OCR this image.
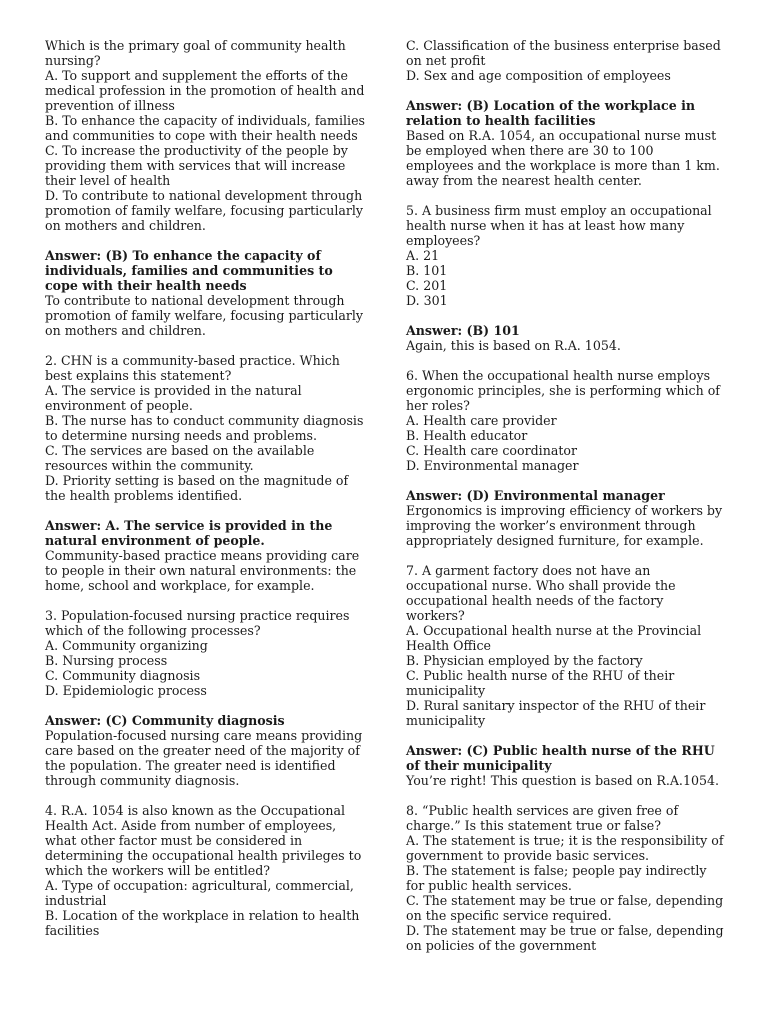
Which is the primary goal of community health nursing?
A. To support and supplement the efforts of the medical profession in the promotion of health and prevention of illness
B. To enhance the capacity of individuals, families and communities to cope with their health needs
C. To increase the productivity of the people by providing them with services that will increase their level of health
D. To contribute to national development through promotion of family welfare, focusing particularly on mothers and children.
Answer: (B) To enhance the capacity of individuals, families and communities to cope with their health needs
To contribute to national development through promotion of family welfare, focusing particularly on mothers and children.
2. CHN is a community-based practice. Which best explains this statement?
A. The service is provided in the natural environment of people.
B. The nurse has to conduct community diagnosis to determine nursing needs and problems.
C. The services are based on the available resources within the community.
D. Priority setting is based on the magnitude of the health problems identified.
Answer: A. The service is provided in the natural environment of people.
Community-based practice means providing care to people in their own natural environments: the home, school and workplace, for example.
3. Population-focused nursing practice requires which of the following processes?
A. Community organizing
B. Nursing process
C. Community diagnosis
D. Epidemiologic process
Answer: (C) Community diagnosis
Population-focused nursing care means providing care based on the greater need of the majority of the population. The greater need is identified through community diagnosis.
4. R.A. 1054 is also known as the Occupational Health Act. Aside from number of employees, what other factor must be considered in determining the occupational health privileges to which the workers will be entitled?
A. Type of occupation: agricultural, commercial, industrial
B. Location of the workplace in relation to health facilities
C. Classification of the business enterprise based on net profit
D. Sex and age composition of employees
Answer: (B) Location of the workplace in relation to health facilities
Based on R.A. 1054, an occupational nurse must be employed when there are 30 to 100 employees and the workplace is more than 1 km. away from the nearest health center.
5. A business firm must employ an occupational health nurse when it has at least how many employees?
A. 21
B. 101
C. 201
D. 301
Answer: (B) 101
Again, this is based on R.A. 1054.
6. When the occupational health nurse employs ergonomic principles, she is performing which of her roles?
A. Health care provider
B. Health educator
C. Health care coordinator
D. Environmental manager
Answer: (D) Environmental manager
Ergonomics is improving efficiency of workers by improving the worker’s environment through appropriately designed furniture, for example.
7. A garment factory does not have an occupational nurse. Who shall provide the occupational health needs of the factory workers?
A. Occupational health nurse at the Provincial Health Office
B. Physician employed by the factory
C. Public health nurse of the RHU of their municipality
D. Rural sanitary inspector of the RHU of their municipality
Answer: (C) Public health nurse of the RHU of their municipality
You’re right! This question is based on R.A.1054.
8. “Public health services are given free of charge.” Is this statement true or false?
A. The statement is true; it is the responsibility of government to provide basic services.
B. The statement is false; people pay indirectly for public health services.
C. The statement may be true or false, depending on the specific service required.
D. The statement may be true or false, depending on policies of the government
